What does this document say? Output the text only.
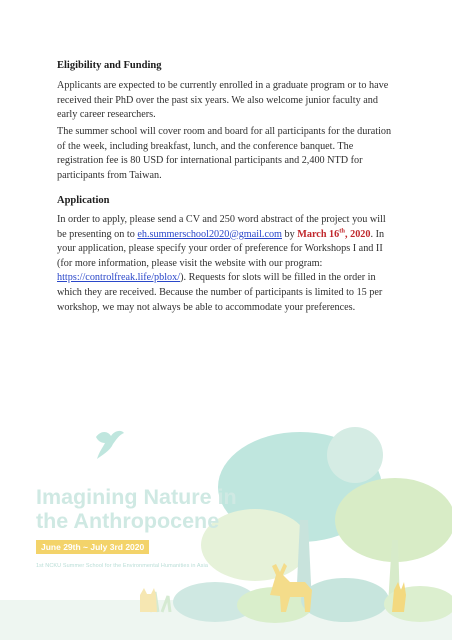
Eligibility and Funding

Applicants are expected to be currently enrolled in a graduate program or to have received their PhD over the past six years. We also welcome junior faculty and early career researchers.

The summer school will cover room and board for all participants for the duration of the week, including breakfast, lunch, and the conference banquet. The registration fee is 80 USD for international participants and 2,400 NTD for participants from Taiwan.

Application

In order to apply, please send a CV and 250 word abstract of the project you will be presenting on to eh.summerschool2020@gmail.com by March 16th, 2020. In your application, please specify your order of preference for Workshops I and II (for more information, please visit the website with our program: https://controlfreak.life/pblox/). Requests for slots will be filled in the order in which they are received. Because the number of participants is limited to 15 per workshop, we may not always be able to accommodate your preferences.

Imagining Nature in
the Anthropocene

June 29th ~ July 3rd 2020
1st NCKU Summer School for the Environmental Humanities in Asia
